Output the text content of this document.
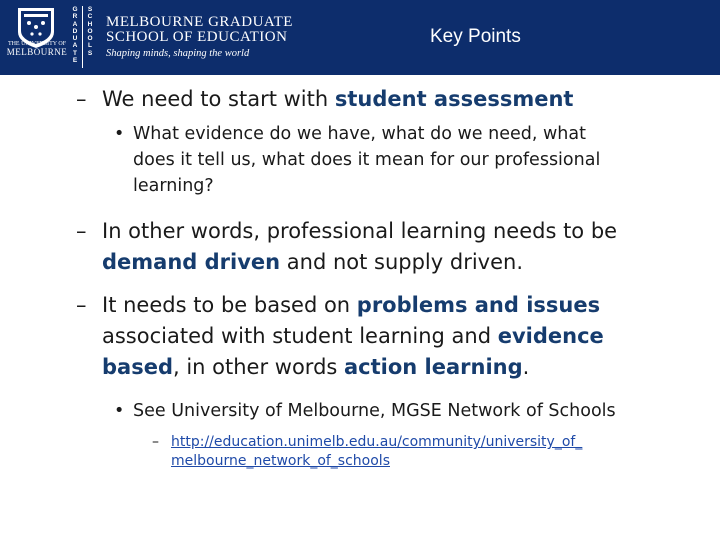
THE UNIVERSITY OF
MELBOURNE
G
R
A
D
U
A
T
E
S
C
H
O
O
L
S
MELBOURNE GRADUATE
SCHOOL OF EDUCATION
Shaping minds, shaping the world
Key Points
– We need to start with student assessment
• What evidence do we have, what do we need, what
does it tell us, what does it mean for our professional
learning?
– In other words, professional learning needs to be
demand driven and not supply driven.
– It needs to be based on problems and issues
associated with student learning and evidence
based, in other words action learning.
• See University of Melbourne, MGSE Network of Schools
– http://education.unimelb.edu.au/community/university_of_
melbourne_network_of_schools
